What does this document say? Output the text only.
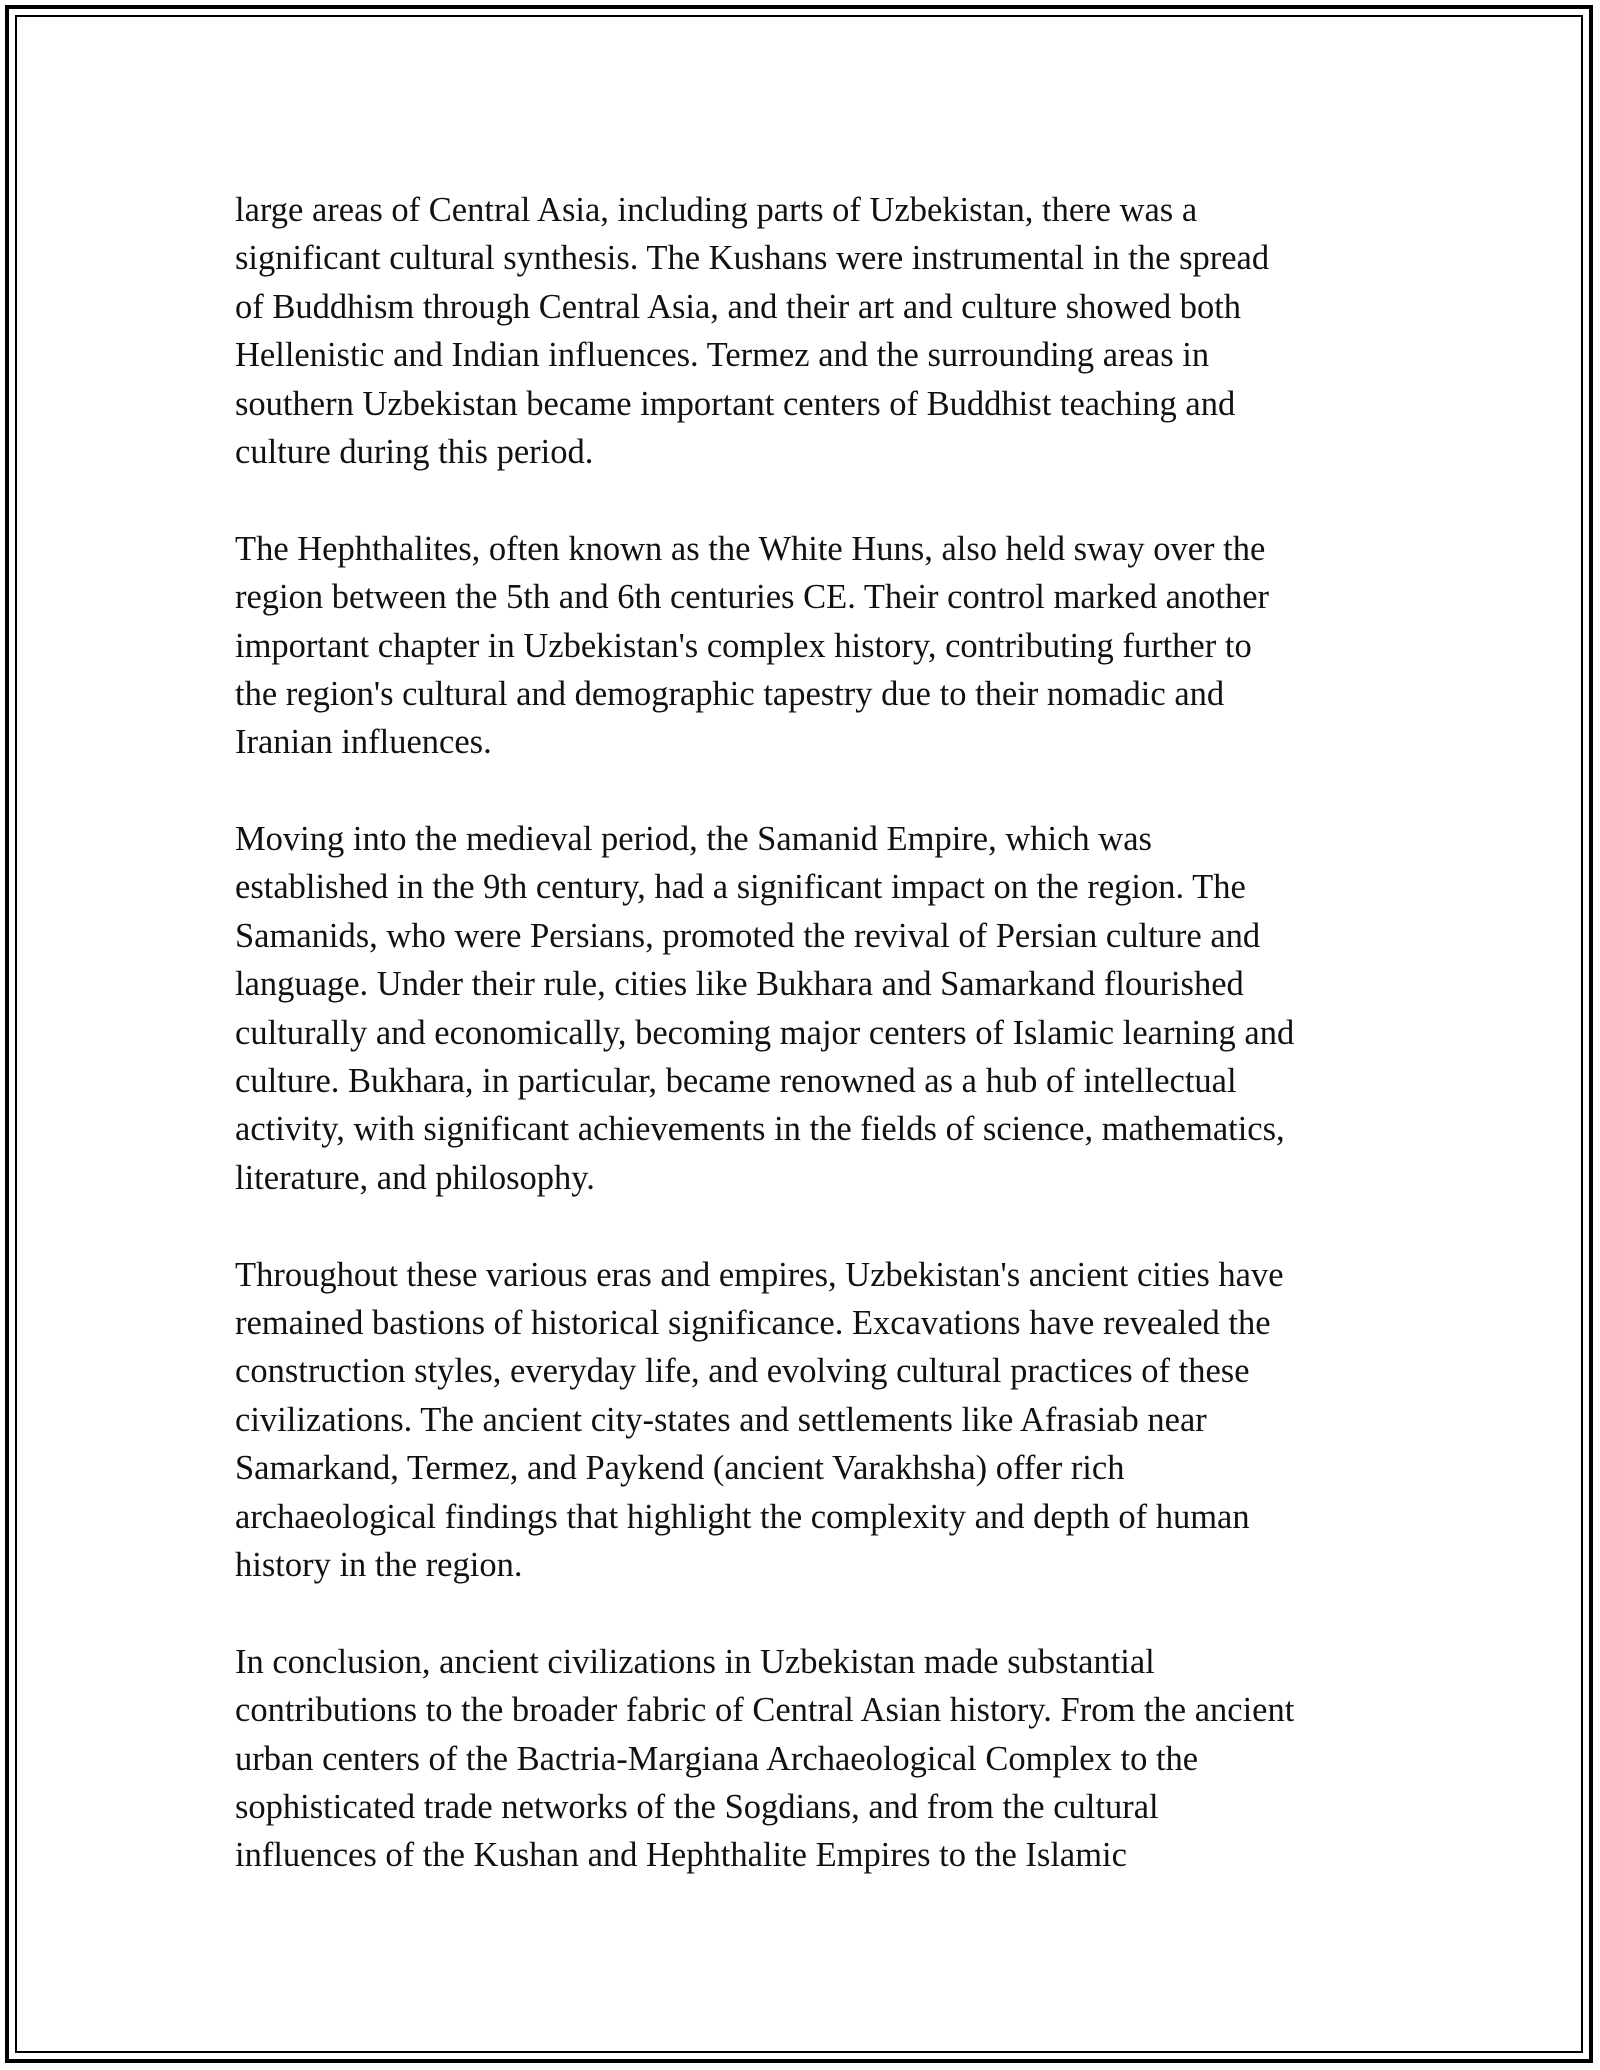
large areas of Central Asia, including parts of Uzbekistan, there was a
significant cultural synthesis. The Kushans were instrumental in the spread
of Buddhism through Central Asia, and their art and culture showed both
Hellenistic and Indian influences. Termez and the surrounding areas in
southern Uzbekistan became important centers of Buddhist teaching and
culture during this period.
The Hephthalites, often known as the White Huns, also held sway over the
region between the 5th and 6th centuries CE. Their control marked another
important chapter in Uzbekistan's complex history, contributing further to
the region's cultural and demographic tapestry due to their nomadic and
Iranian influences.
Moving into the medieval period, the Samanid Empire, which was
established in the 9th century, had a significant impact on the region. The
Samanids, who were Persians, promoted the revival of Persian culture and
language. Under their rule, cities like Bukhara and Samarkand flourished
culturally and economically, becoming major centers of Islamic learning and
culture. Bukhara, in particular, became renowned as a hub of intellectual
activity, with significant achievements in the fields of science, mathematics,
literature, and philosophy.
Throughout these various eras and empires, Uzbekistan's ancient cities have
remained bastions of historical significance. Excavations have revealed the
construction styles, everyday life, and evolving cultural practices of these
civilizations. The ancient city-states and settlements like Afrasiab near
Samarkand, Termez, and Paykend (ancient Varakhsha) offer rich
archaeological findings that highlight the complexity and depth of human
history in the region.
In conclusion, ancient civilizations in Uzbekistan made substantial
contributions to the broader fabric of Central Asian history. From the ancient
urban centers of the Bactria-Margiana Archaeological Complex to the
sophisticated trade networks of the Sogdians, and from the cultural
influences of the Kushan and Hephthalite Empires to the Islamic
